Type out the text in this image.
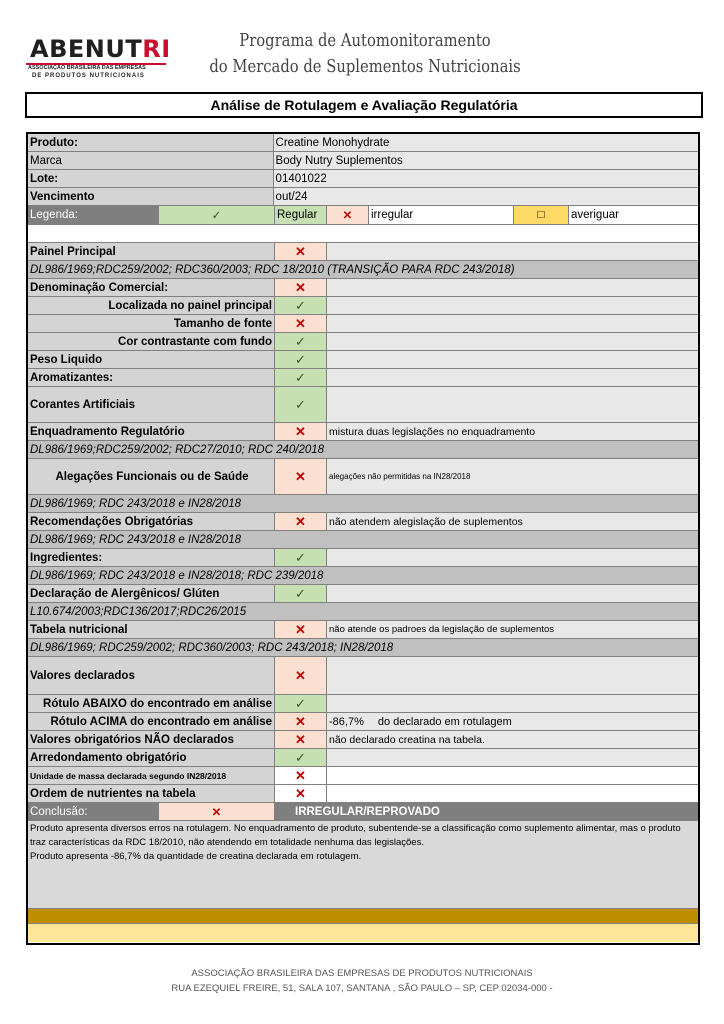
ABENUTRI
ASSOCIAÇÃO BRASILEIRA DAS EMPRESAS
DE PRODUTOS NUTRICIONAIS
Programa de Automonitoramento
do Mercado de Suplementos Nutricionais
Análise de Rotulagem e Avaliação Regulatória
Produto:	Creatine Monohydrate
Marca	Body Nutry Suplementos
Lote:	01401022
Vencimento	out/24
Legenda:	✓	Regular	✕	irregular	□	averiguar
Painel Principal	✕
DL986/1969;RDC259/2002; RDC360/2003; RDC 18/2010 (TRANSIÇÃO PARA RDC 243/2018)
Denominação Comercial:	✕
Localizada no painel principal	✓
Tamanho de fonte	✕
Cor contrastante com fundo	✓
Peso Liquido	✓
Aromatizantes:	✓
Corantes Artificiais	✓
Enquadramento Regulatório	✕	mistura duas legislações no enquadramento
DL986/1969;RDC259/2002; RDC27/2010; RDC 240/2018
Alegações Funcionais ou de Saúde	✕	alegações não permitidas na IN28/2018
DL986/1969; RDC 243/2018 e IN28/2018
Recomendações Obrigatórias	✕	não atendem alegislação de suplementos
DL986/1969; RDC 243/2018 e IN28/2018
Ingredientes:	✓
DL986/1969; RDC 243/2018 e IN28/2018; RDC 239/2018
Declaração de Alergênicos/ Glúten	✓
L10.674/2003;RDC136/2017;RDC26/2015
Tabela nutricional	✕	não atende os padroes da legislação de suplementos
DL986/1969; RDC259/2002; RDC360/2003; RDC 243/2018; IN28/2018
Valores declarados	✕
Rótulo ABAIXO do encontrado em análise	✓
Rótulo ACIMA do encontrado em análise	✕	-86,7% do declarado em rotulagem
Valores obrigatórios NÃO declarados	✕	não declarado creatina na tabela.
Arredondamento obrigatório	✓
Unidade de massa declarada segundo IN28/2018	✕
Ordem de nutrientes na tabela	✕
Conclusão:	✕	IRREGULAR/REPROVADO
Produto apresenta diversos erros na rotulagem. No enquadramento de produto, subentende-se a classificação como suplemento alimentar, mas o produto traz características da RDC 18/2010, não atendendo em totalidade nenhuma das legislações.
Produto apresenta -86,7% da quantidade de creatina declarada em rotulagem.
ASSOCIAÇÃO BRASILEIRA DAS EMPRESAS DE PRODUTOS NUTRICIONAIS
RUA EZEQUIEL FREIRE, 51, SALA 107, SANTANA , SÃO PAULO – SP, CEP 02034-000 -
